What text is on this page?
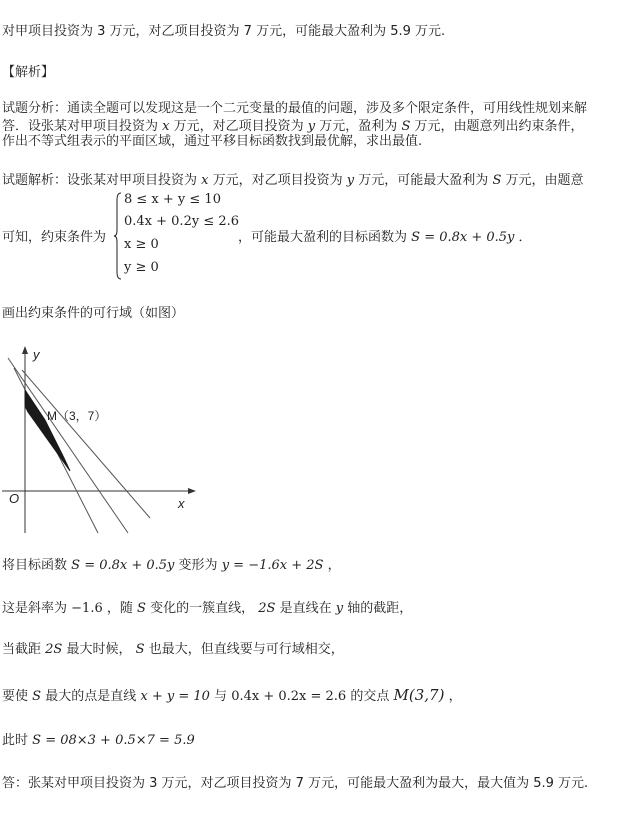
对甲项目投资为 3 万元，对乙项目投资为 7 万元，可能最大盈利为 5.9 万元.
【解析】
试题分析：通读全题可以发现这是一个二元变量的最值的问题，涉及多个限定条件，可用线性规划来解
答．设张某对甲项目投资为 x 万元，对乙项目投资为 y 万元，盈利为 S 万元，由题意列出约束条件，
作出不等式组表示的平面区域，通过平移目标函数找到最优解，求出最值.
试题解析：设张某对甲项目投资为 x 万元，对乙项目投资为 y 万元，可能最大盈利为 S 万元，由题意
可知，约束条件为
8 ≤ x + y ≤ 10
0.4x + 0.2y ≤ 2.6
x ≥ 0
y ≥ 0
，可能最大盈利的目标函数为 S = 0.8x + 0.5y ．
画出约束条件的可行域（如图）
y
x
O
M（3，7）
将目标函数 S = 0.8x + 0.5y 变形为 y = −1.6x + 2S ，
这是斜率为 −1.6 ，随 S 变化的一簇直线， 2S 是直线在 y 轴的截距，
当截距 2S 最大时候， S 也最大，但直线要与可行域相交，
要使 S 最大的点是直线 x + y = 10 与 0.4x + 0.2x = 2.6 的交点 M(3,7) ，
此时 S = 08×3 + 0.5×7 = 5.9
答：张某对甲项目投资为 3 万元，对乙项目投资为 7 万元，可能最大盈利为最大，最大值为 5.9 万元.
